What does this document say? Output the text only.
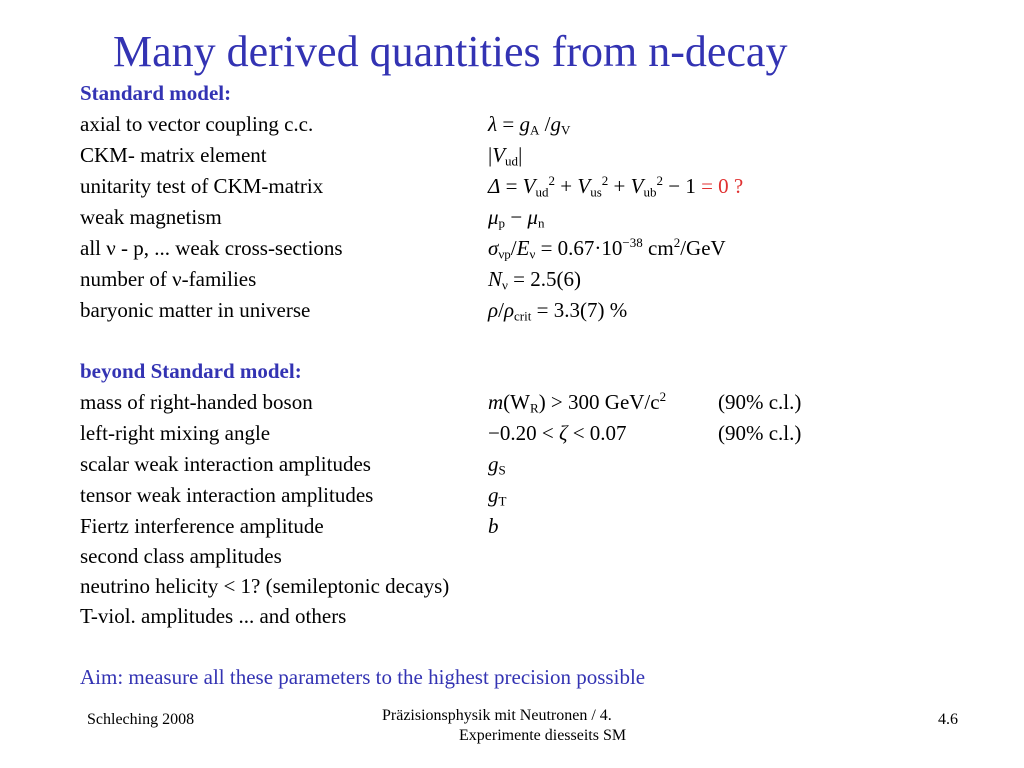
Many derived quantities from n-decay
Standard model:
axial to vector coupling c.c.	$\lambda = g_A$ $/g_V$
CKM- matrix element	$|V_{ud}|$
unitarity test of CKM-matrix	$\Delta = V_{ud}^2 + V_{us}^2 + V_{ub}^2 - 1 = 0$ ?
weak magnetism	$\mu_p - \mu_n$
all ν - p, ... weak cross-sections	$\sigma_{\nu p}/E_\nu = 0.67\cdot 10^{-38}$ $cm^2$/GeV
number of ν-families	$N_\nu = 2.5(6)$
baryonic matter in universe	$\rho/\rho_{crit} = 3.3(7)$ %
beyond Standard model:
mass of right-handed boson	$m(W_R) > 300$ GeV/$c^2$ (90% c.l.)
left-right mixing angle	−0.20 < ζ < 0.07	(90% c.l.)
scalar weak interaction amplitudes	$g_S$
tensor weak interaction amplitudes	$g_T$
Fiertz interference amplitude	b
second class amplitudes
neutrino helicity < 1? (semileptonic decays)
T-viol. amplitudes ... and others
Aim: measure all these parameters to the highest precision possible
Schleching 2008	Präzisionsphysik mit Neutronen / 4.
Experimente diesseits SM
4.6
